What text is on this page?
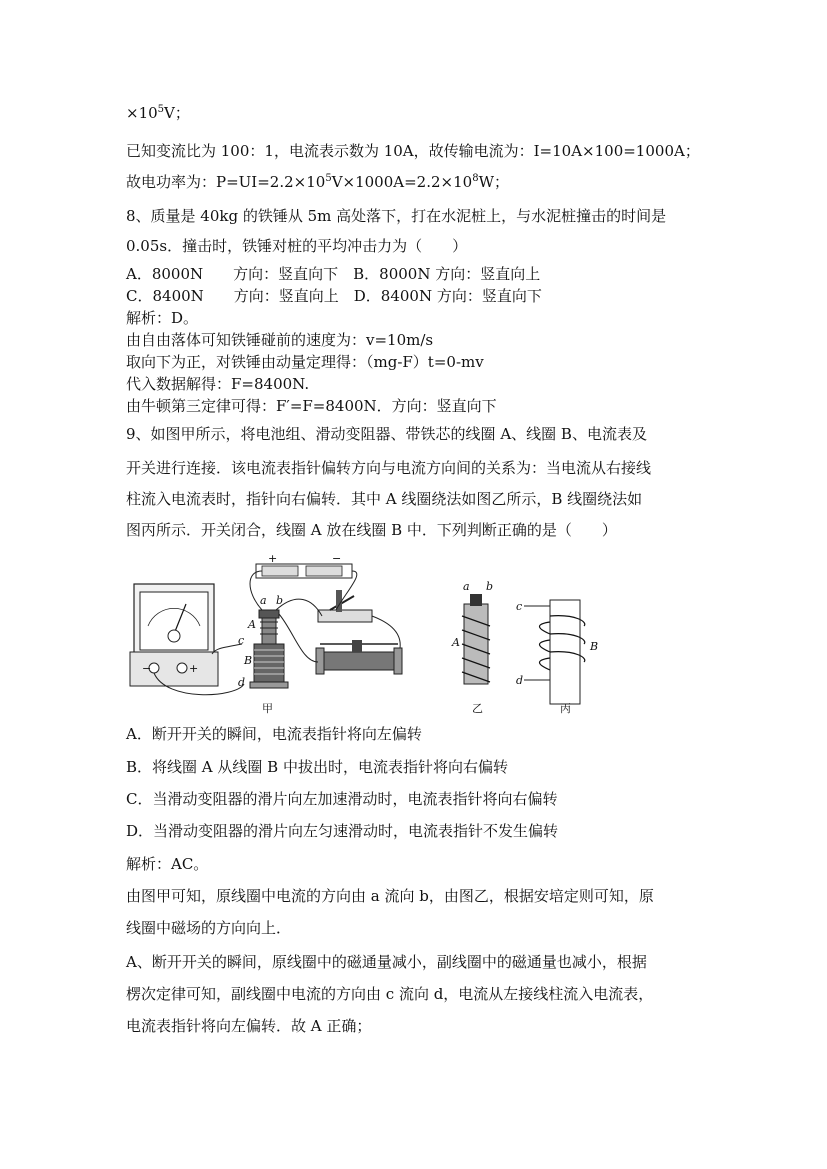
$\times 10^5V$；
已知变流比为 100：1，电流表示数为 10A，故传输电流为：I=10A×100=1000A；
故电功率为：$P=UI=2.2\times 10^5V\times 1000A=2.2\times 10^8W$；
8、质量是 40kg 的铁锤从 5m 高处落下，打在水泥桩上，与水泥桩撞击的时间是
0.05s．撞击时，铁锤对桩的平均冲击力为（　　）
A．8000N　　方向：竖直向下　B．8000N 方向：竖直向上
C．8400N　　方向：竖直向上　D．8400N 方向：竖直向下
解析：D。
由自由落体可知铁锤碰前的速度为：v=10m/s
取向下为正，对铁锤由动量定理得：（mg-F）t=0-mv
代入数据解得：F=8400N.
由牛顿第三定律可得：F′=F=8400N．方向：竖直向下
9、如图甲所示，将电池组、滑动变阻器、带铁芯的线圈 A、线圈 B、电流表及
开关进行连接．该电流表指针偏转方向与电流方向间的关系为：当电流从右接线
柱流入电流表时，指针向右偏转．其中 A 线圈绕法如图乙所示，B 线圈绕法如
图丙所示．开关闭合，线圈 A 放在线圈 B 中．下列判断正确的是（　　）
−	+
+	−
a b
c
d
A
B
甲
a b
A
乙
c
d
B
丙
A．断开开关的瞬间，电流表指针将向左偏转
B．将线圈 A 从线圈 B 中拔出时，电流表指针将向右偏转
C．当滑动变阻器的滑片向左加速滑动时，电流表指针将向右偏转
D．当滑动变阻器的滑片向左匀速滑动时，电流表指针不发生偏转
解析：AC。
由图甲可知，原线圈中电流的方向由 a 流向 b，由图乙，根据安培定则可知，原
线圈中磁场的方向向上．
A、断开开关的瞬间，原线圈中的磁通量减小，副线圈中的磁通量也减小，根据
楞次定律可知，副线圈中电流的方向由 c 流向 d，电流从左接线柱流入电流表，
电流表指针将向左偏转．故 A 正确；
